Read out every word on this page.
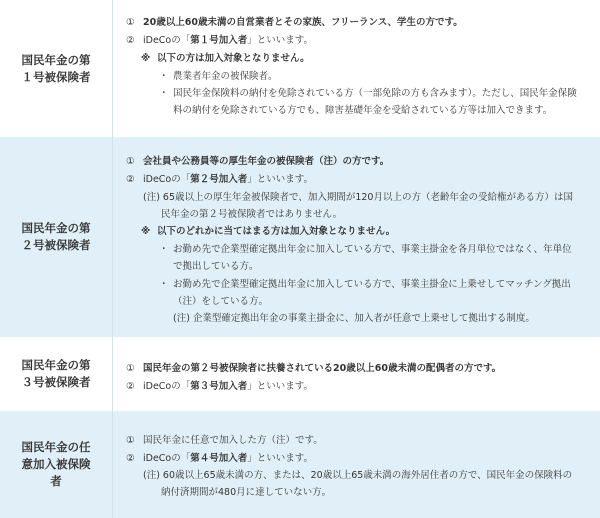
国民年金の第
１号被保険者
① 20歳以上60歳未満の自営業者とその家族、フリーランス、学生の方です。
② iDeCoの「第１号加入者」といいます。
※ 以下の方は加入対象となりません。
・ 農業者年金の被保険者。
・ 国民年金保険料の納付を免除されている方（一部免除の方も含みます）。ただし、国民年金保険
料の納付を免除されている方でも、障害基礎年金を受給されている方等は加入できます。
国民年金の第
２号被保険者
① 会社員や公務員等の厚生年金の被保険者（注）の方です。
② iDeCoの「第２号加入者」といいます。
(注) 65歳以上の厚生年金被保険者で、加入期間が120月以上の方（老齢年金の受給権がある方）は国
民年金の第２号被保険者ではありません。
※ 以下のどれかに当てはまる方は加入対象となりません。
・ お勤め先で企業型確定拠出年金に加入している方で、事業主掛金を各月単位ではなく、年単位
で拠出している方。
・ お勤め先で企業型確定拠出年金に加入している方で、事業主掛金に上乗せしてマッチング拠出
（注）をしている方。
(注) 企業型確定拠出年金の事業主掛金に、加入者が任意で上乗せして拠出する制度。
国民年金の第
３号被保険者
① 国民年金の第２号被保険者に扶養されている20歳以上60歳未満の配偶者の方です。
② iDeCoの「第３号加入者」といいます。
国民年金の任
意加入被保険
者
① 国民年金に任意で加入した方（注）です。
② iDeCoの「第４号加入者」といいます。
(注) 60歳以上65歳未満の方、または、20歳以上65歳未満の海外居住者の方で、国民年金の保険料の
納付済期間が480月に達していない方。
